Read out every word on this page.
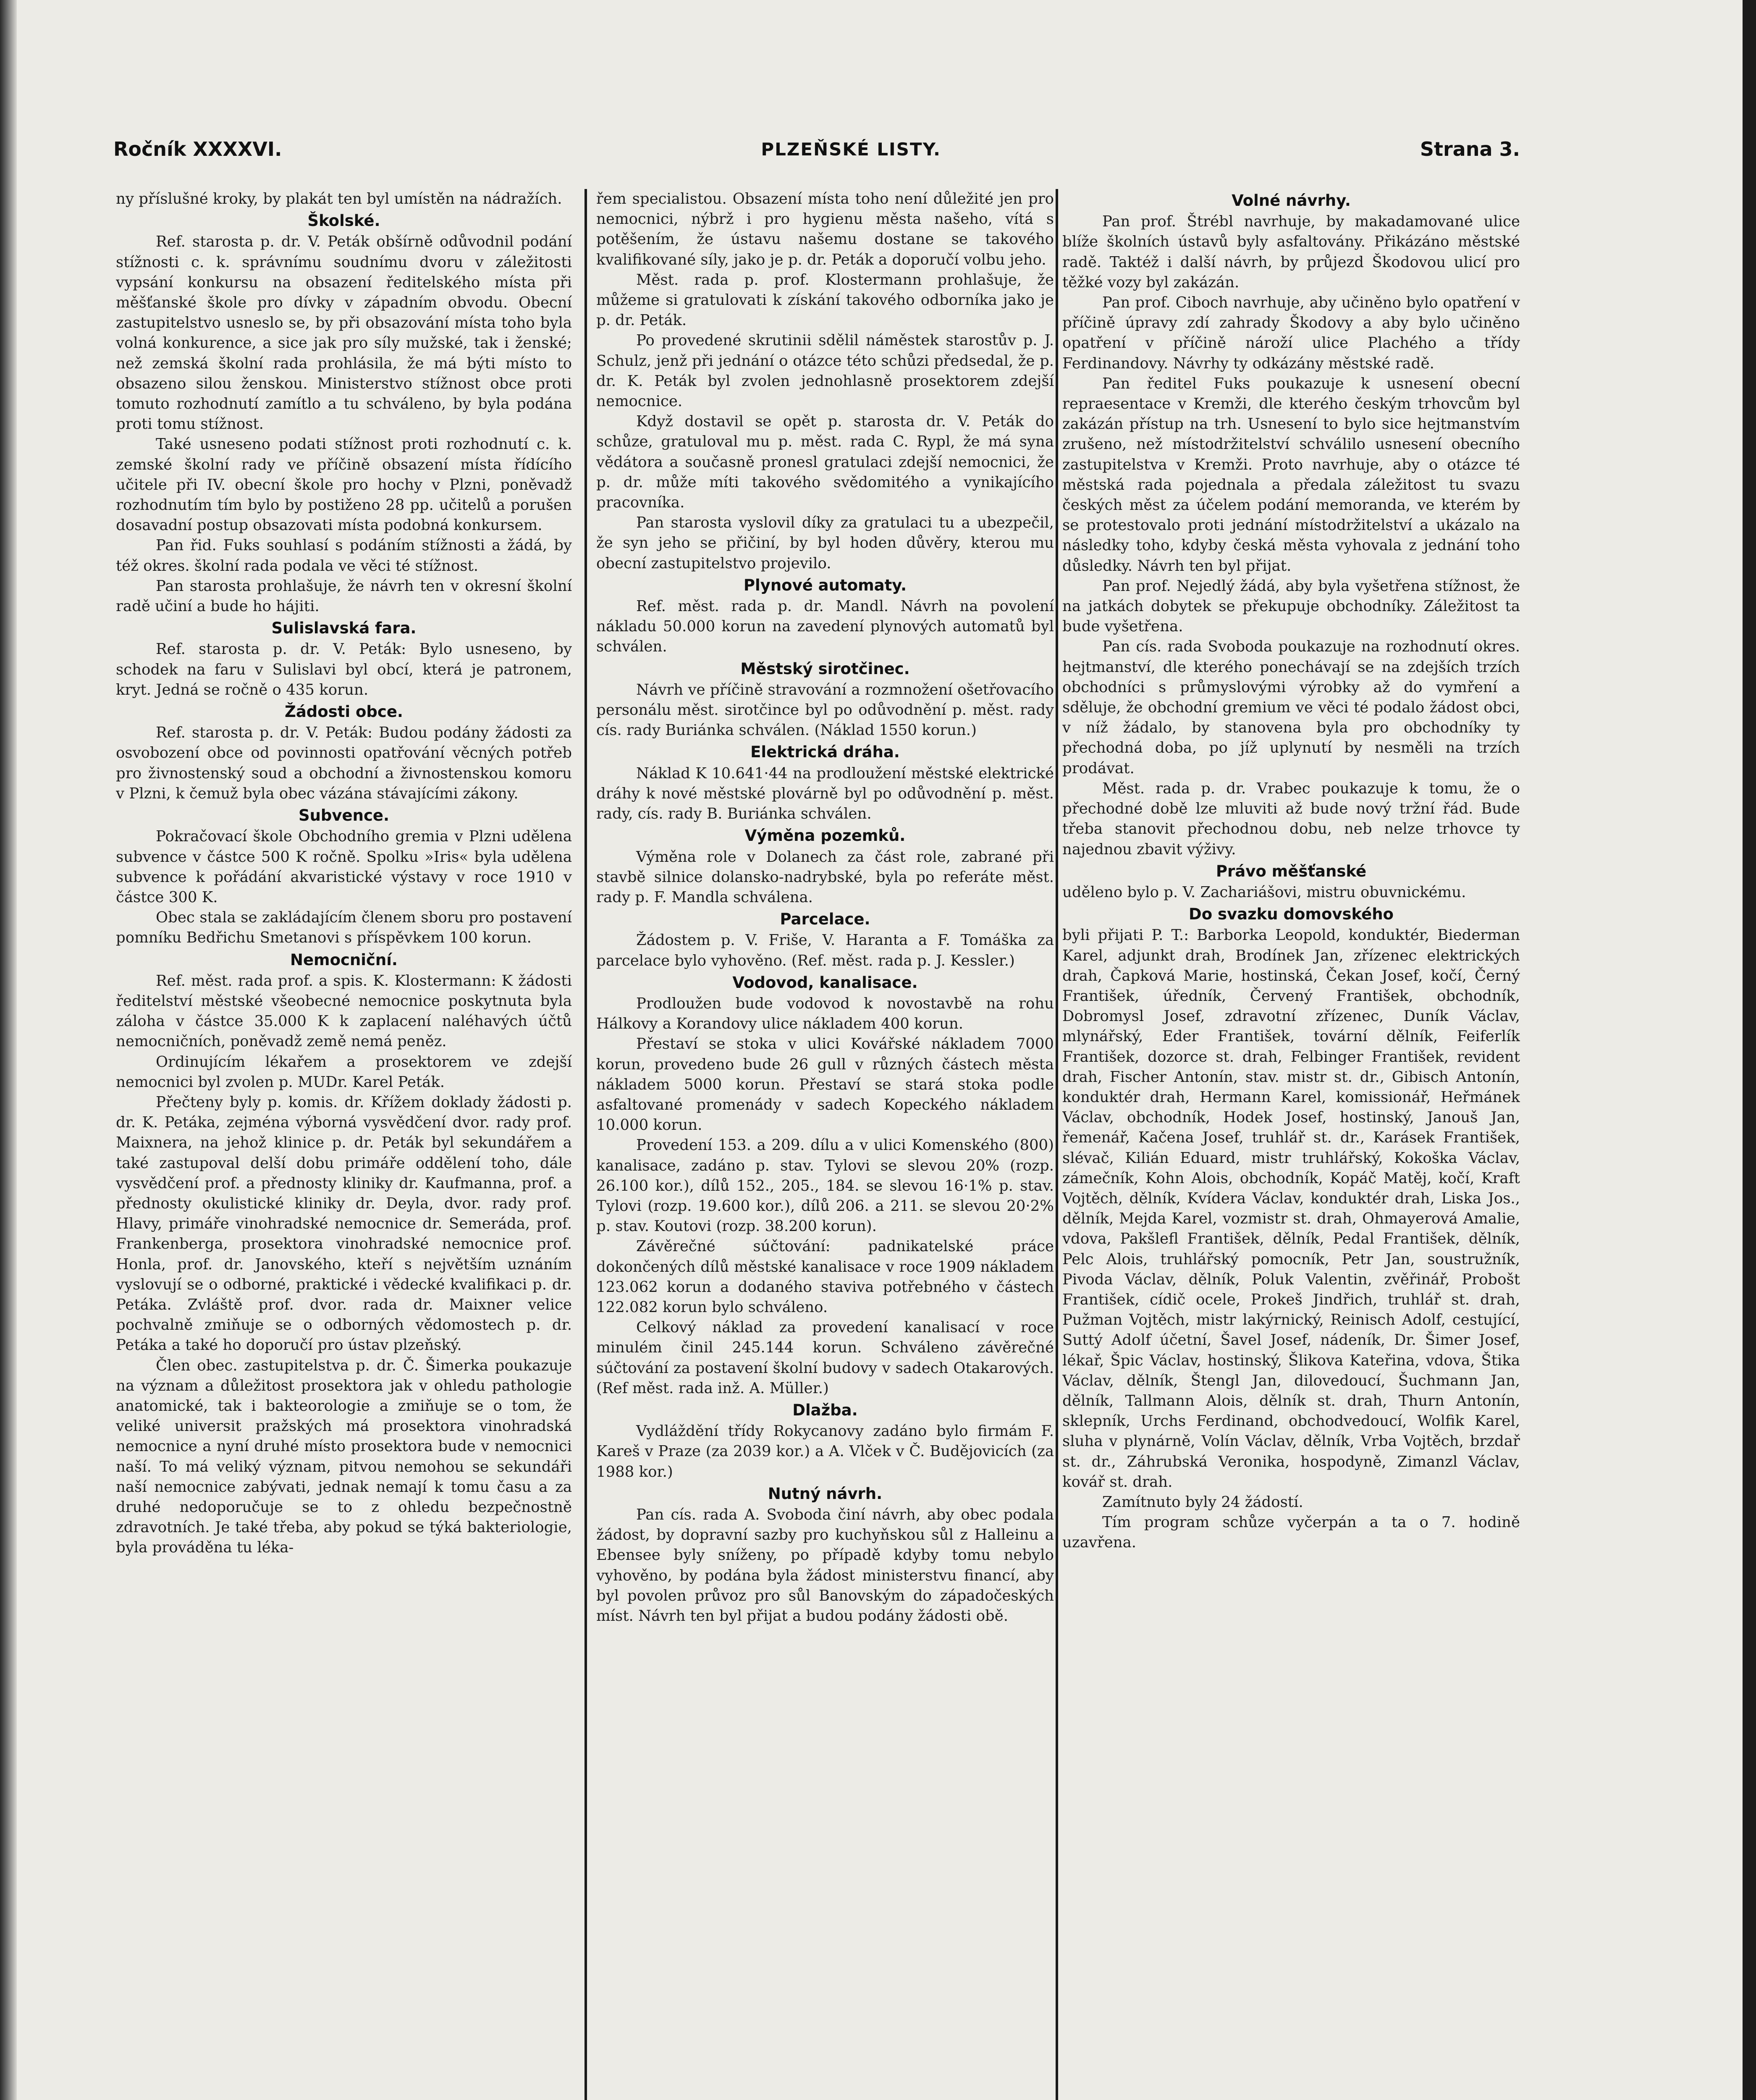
Ročník XXXXVI.	PLZEŇSKÉ LISTY.	Strana 3.

ny příslušné kroky, by plakát ten byl umístěn na nádražích.

Školské.

Ref. starosta p. dr. V. Peták obšírně odůvodnil podání stížnosti c. k. správnímu soudnímu dvoru v záležitosti vypsání konkursu na obsazení ředitelského místa při měšťanské škole pro dívky v západním obvodu. Obecní zastupitelstvo usneslo se, by při obsazování místa toho byla volná konkurence, a sice jak pro síly mužské, tak i ženské; než zemská školní rada prohlásila, že má býti místo to obsazeno silou ženskou. Ministerstvo stížnost obce proti tomuto rozhodnutí zamítlo a tu schváleno, by byla podána proti tomu stížnost.

Také usneseno podati stížnost proti rozhodnutí c. k. zemské školní rady ve příčině obsazení místa řídícího učitele při IV. obecní škole pro hochy v Plzni, poněvadž rozhodnutím tím bylo by postiženo 28 pp. učitelů a porušen dosavadní postup obsazovati místa podobná konkursem.

Pan řid. Fuks souhlasí s podáním stížnosti a žádá, by též okres. školní rada podala ve věci té stížnost.

Pan starosta prohlašuje, že návrh ten v okresní školní radě učiní a bude ho hájiti.

Sulislavská fara.

Ref. starosta p. dr. V. Peták: Bylo usneseno, by schodek na faru v Sulislavi byl obcí, která je patronem, kryt. Jedná se ročně o 435 korun.

Žádosti obce.

Ref. starosta p. dr. V. Peták: Budou podány žádosti za osvobození obce od povinnosti opatřování věcných potřeb pro živnostenský soud a obchodní a živnostenskou komoru v Plzni, k čemuž byla obec vázána stávajícími zákony.

Subvence.

Pokračovací škole Obchodního gremia v Plzni udělena subvence v částce 500 K ročně. Spolku »Iris« byla udělena subvence k pořádání akvaristické výstavy v roce 1910 v částce 300 K.

Obec stala se zakládajícím členem sboru pro postavení pomníku Bedřichu Smetanovi s příspěvkem 100 korun.

Nemocniční.

Ref. měst. rada prof. a spis. K. Klostermann: K žádosti ředitelství městské všeobecné nemocnice poskytnuta byla záloha v částce 35.000 K k zaplacení naléhavých účtů nemocničních, poněvadž země nemá peněz.

Ordinujícím lékařem a prosektorem ve zdejší nemocnici byl zvolen p. MUDr. Karel Peták.

Přečteny byly p. komis. dr. Křížem doklady žádosti p. dr. K. Petáka, zejména výborná vysvědčení dvor. rady prof. Maixnera, na jehož klinice p. dr. Peták byl sekundářem a také zastupoval delší dobu primáře oddělení toho, dále vysvědčení prof. a přednosty kliniky dr. Kaufmanna, prof. a přednosty okulistické kliniky dr. Deyla, dvor. rady prof. Hlavy, primáře vinohradské nemocnice dr. Semeráda, prof. Frankenberga, prosektora vinohradské nemocnice prof. Honla, prof. dr. Janovského, kteří s největším uznáním vyslovují se o odborné, praktické i vědecké kvalifikaci p. dr. Petáka. Zvláště prof. dvor. rada dr. Maixner velice pochvalně zmiňuje se o odborných vědomostech p. dr. Petáka a také ho doporučí pro ústav plzeňský.

Člen obec. zastupitelstva p. dr. Č. Šimerka poukazuje na význam a důležitost prosektora jak v ohledu pathologie anatomické, tak i bakteorologie a zmiňuje se o tom, že veliké universit pražských má prosektora vinohradská nemocnice a nyní druhé místo prosektora bude v nemocnici naší. To má veliký význam, pitvou nemohou se sekundáři naší nemocnice zabývati, jednak nemají k tomu času a za druhé nedoporučuje se to z ohledu bezpečnostně zdravotních. Je také třeba, aby pokud se týká bakteriologie, byla prováděna tu léka-

řem specialistou. Obsazení místa toho není důležité jen pro nemocnici, nýbrž i pro hygienu města našeho, vítá s potěšením, že ústavu našemu dostane se takového kvalifikované síly, jako je p. dr. Peták a doporučí volbu jeho.

Měst. rada p. prof. Klostermann prohlašuje, že můžeme si gratulovati k získání takového odborníka jako je p. dr. Peták.

Po provedené skrutinii sdělil náměstek starostův p. J. Schulz, jenž při jednání o otázce této schůzi předsedal, že p. dr. K. Peták byl zvolen jednohlasně prosektorem zdejší nemocnice.

Když dostavil se opět p. starosta dr. V. Peták do schůze, gratuloval mu p. měst. rada C. Rypl, že má syna vědátora a současně pronesl gratulaci zdejší nemocnici, že p. dr. může míti takového svědomitého a vynikajícího pracovníka.

Pan starosta vyslovil díky za gratulaci tu a ubezpečil, že syn jeho se přičiní, by byl hoden důvěry, kterou mu obecní zastupitelstvo projevilo.

Plynové automaty.

Ref. měst. rada p. dr. Mandl. Návrh na povolení nákladu 50.000 korun na zavedení plynových automatů byl schválen.

Městský sirotčinec.

Návrh ve příčině stravování a rozmnožení ošetřovacího personálu měst. sirotčince byl po odůvodnění p. měst. rady cís. rady Buriánka schválen. (Náklad 1550 korun.)

Elektrická dráha.

Náklad K 10.641·44 na prodloužení městské elektrické dráhy k nové městské plovárně byl po odůvodnění p. měst. rady, cís. rady B. Buriánka schválen.

Výměna pozemků.

Výměna role v Dolanech za část role, zabrané při stavbě silnice dolansko-nadrybské, byla po referáte měst. rady p. F. Mandla schválena.

Parcelace.

Žádostem p. V. Friše, V. Haranta a F. Tomáška za parcelace bylo vyhověno. (Ref. měst. rada p. J. Kessler.)

Vodovod, kanalisace.

Prodloužen bude vodovod k novostavbě na rohu Hálkovy a Korandovy ulice nákladem 400 korun.

Přestaví se stoka v ulici Kovářské nákladem 7000 korun, provedeno bude 26 gull v různých částech města nákladem 5000 korun. Přestaví se stará stoka podle asfaltované promenády v sadech Kopeckého nákladem 10.000 korun.

Provedení 153. a 209. dílu a v ulici Komenského (800) kanalisace, zadáno p. stav. Tylovi se slevou 20% (rozp. 26.100 kor.), dílů 152., 205., 184. se slevou 16·1% p. stav. Tylovi (rozp. 19.600 kor.), dílů 206. a 211. se slevou 20·2% p. stav. Koutovi (rozp. 38.200 korun).

Závěrečné súčtování: padnikatelské práce dokončených dílů městské kanalisace v roce 1909 nákladem 123.062 korun a dodaného stavivа potřebného v částech 122.082 korun bylo schváleno.

Celkový náklad za provedení kanalisací v roce minulém činil 245.144 korun. Schváleno závěrečné súčtování za postavení školní budovy v sadech Otakarových. (Ref měst. rada inž. A. Müller.)

Dlažba.

Vydláždění třídy Rokycanovy zadáno bylo firmám F. Kareš v Praze (za 2039 kor.) a A. Vlček v Č. Budějovicích (za 1988 kor.)

Nutný návrh.

Pan cís. rada A. Svoboda činí návrh, aby obec podala žádost, by dopravní sazby pro kuchyňskou sůl z Halleinu a Ebensee byly sníženy, po případě kdyby tomu nebylo vyhověno, by podána byla žádost ministerstvu financí, aby byl povolen průvoz pro sůl Banovským do západočeských míst. Návrh ten byl přijat a budou podány žádosti obě.

Volné návrhy.

Pan prof. Štrébl navrhuje, by makadamované ulice blíže školních ústavů byly asfaltovány. Přikázáno městské radě. Taktéž i další návrh, by průjezd Škodovou ulicí pro těžké vozy byl zakázán.

Pan prof. Ciboch navrhuje, aby učiněno bylo opatření v příčině úpravy zdí zahrady Škodovy a aby bylo učiněno opatření v příčině nároží ulice Plachého a třídy Ferdinandovy. Návrhy ty odkázány městské radě.

Pan ředitel Fuks poukazuje k usnesení obecní repraesentace v Kremži, dle kterého českým trhovcům byl zakázán přístup na trh. Usnesení to bylo sice hejtmanstvím zrušeno, než místodržitelství schválilo usnesení obecního zastupitelstva v Kremži. Proto navrhuje, aby o otázce té městská rada pojednala a předala záležitost tu svazu českých měst za účelem podání memoranda, ve kterém by se protestovalo proti jednání místodržitelství a ukázalo na následky toho, kdyby česká města vyhovala z jednání toho důsledky. Návrh ten byl přijat.

Pan prof. Nejedlý žádá, aby byla vyšetřena stížnost, že na jatkách dobytek se překupuje obchodníky. Záležitost ta bude vyšetřena.

Pan cís. rada Svoboda poukazuje na rozhodnutí okres. hejtmanství, dle kterého ponechávají se na zdejších trzích obchodníci s průmyslovými výrobky až do vymření a sděluje, že obchodní gremium ve věci té podalo žádost obci, v níž žádalo, by stanovena byla pro obchodníky ty přechodná doba, po jíž uplynutí by nesměli na trzích prodávat.

Měst. rada p. dr. Vrabec poukazuje k tomu, že o přechodné době lze mluviti až bude nový tržní řád. Bude třeba stanovit přechodnou dobu, neb nelze trhovce ty najednou zbavit výživy.

Právo měšťanské

uděleno bylo p. V. Zachariášovi, mistru obuvnickému.

Do svazku domovského

byli přijati P. T.: Barborka Leopold, konduktér, Biederman Karel, adjunkt drah, Brodínek Jan, zřízenec elektrických drah, Čapková Marie, hostinská, Čekan Josef, kočí, Černý František, úředník, Červený František, obchodník, Dobromysl Josef, zdravotní zřízenec, Duník Václav, mlynářský, Eder František, tovární dělník, Feiferlík František, dozorce st. drah, Felbinger František, revident drah, Fischer Antonín, stav. mistr st. dr., Gibisch Antonín, konduktér drah, Hermann Karel, komissionář, Heřmánek Václav, obchodník, Hodek Josef, hostinský, Janouš Jan, řemenář, Kačena Josef, truhlář st. dr., Karásek František, slévač, Kilián Eduard, mistr truhlářský, Kokoška Václav, zámečník, Kohn Alois, obchodník, Kopáč Matěj, kočí, Kraft Vojtěch, dělník, Kvídera Václav, konduktér drah, Liska Jos., dělník, Mejda Karel, vozmistr st. drah, Ohmayerová Amalie, vdova, Pakšlefl František, dělník, Pedal František, dělník, Pelc Alois, truhlářský pomocník, Petr Jan, soustružník, Pivoda Václav, dělník, Poluk Valentin, zvěřinář, Probošt František, cídič ocele, Prokeš Jindřich, truhlář st. drah, Pužman Vojtěch, mistr lakýrnický, Reinisch Adolf, cestující, Suttý Adolf účetní, Šavel Josef, nádeník, Dr. Šimer Josef, lékař, Špic Václav, hostinský, Šlikova Kateřina, vdova, Štika Václav, dělník, Štengl Jan, dilovedoucí, Šuchmann Jan, dělník, Tallmann Alois, dělník st. drah, Thurn Antonín, sklepník, Urchs Ferdinand, obchodvedoucí, Wolfik Karel, sluha v plynárně, Volín Václav, dělník, Vrba Vojtěch, brzdař st. dr., Záhrubská Veronika, hospodyně, Zimanzl Václav, kovář st. drah.

Zamítnuto byly 24 žádostí.

Tím program schůze vyčerpán a ta o 7. hodině uzavřena.
